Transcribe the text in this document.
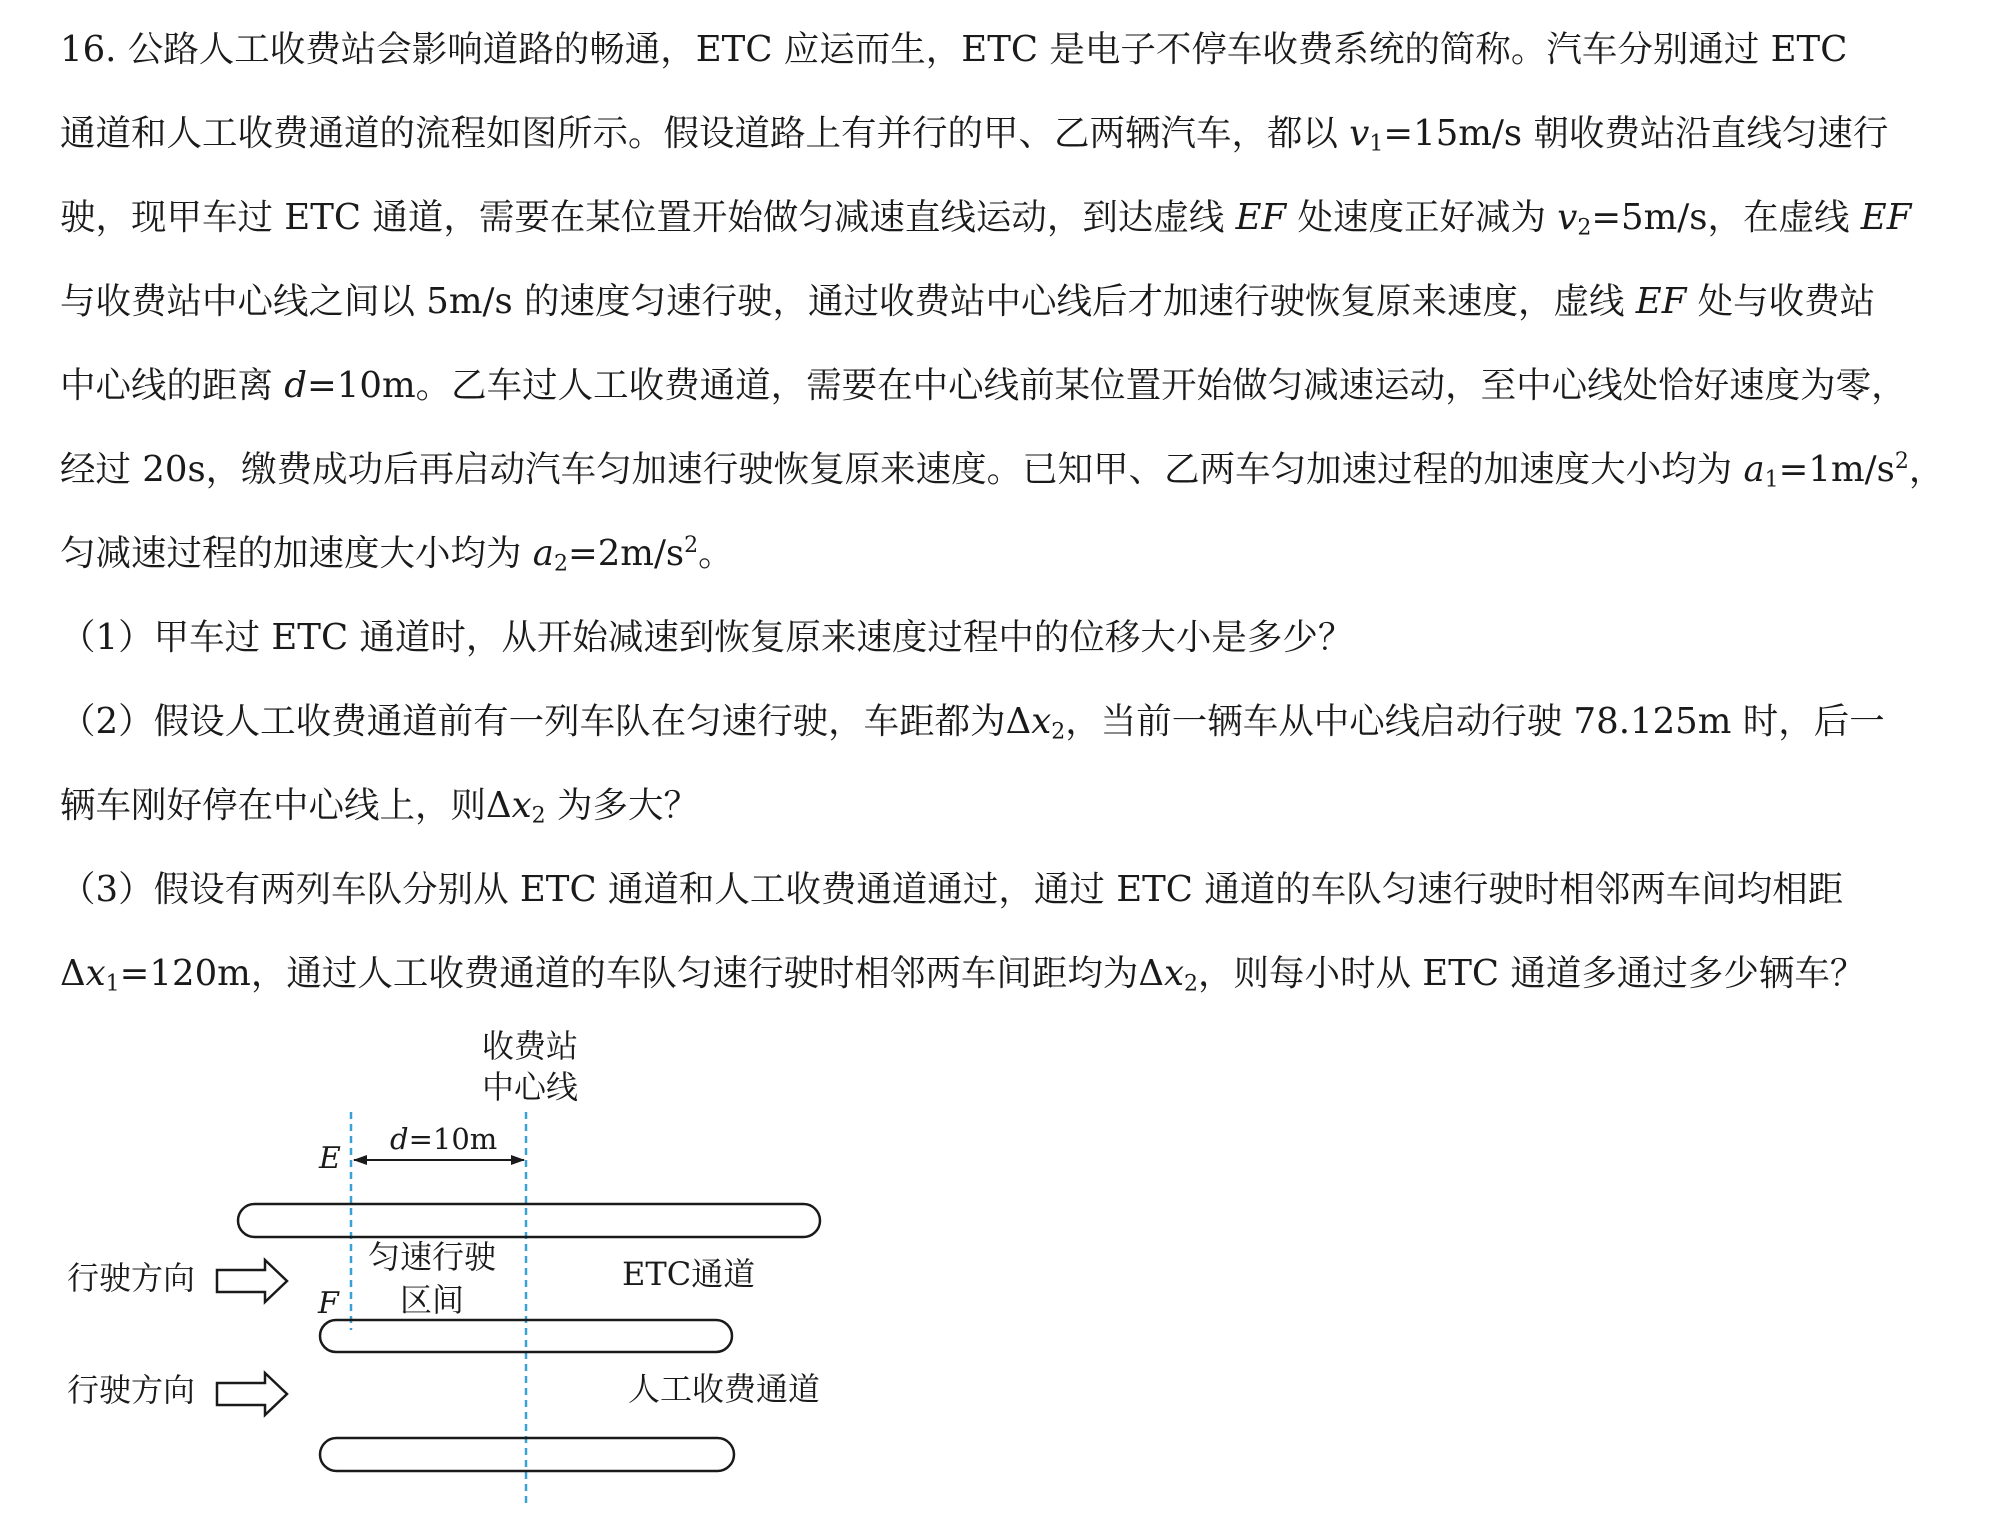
16. 公路人工收费站会影响道路的畅通，ETC 应运而生，ETC 是电子不停车收费系统的简称。汽车分别通过 ETC

通道和人工收费通道的流程如图所示。假设道路上有并行的甲、乙两辆汽车，都以 $v_1=15m/s$ 朝收费站沿直线匀速行

驶，现甲车过 ETC 通道，需要在某位置开始做匀减速直线运动，到达虚线 EF 处速度正好减为 $v_2=5m/s$，在虚线 EF

与收费站中心线之间以 5m/s 的速度匀速行驶，通过收费站中心线后才加速行驶恢复原来速度，虚线 EF 处与收费站

中心线的距离 d=10m。乙车过人工收费通道，需要在中心线前某位置开始做匀减速运动，至中心线处恰好速度为零，

经过 20s，缴费成功后再启动汽车匀加速行驶恢复原来速度。已知甲、乙两车匀加速过程的加速度大小均为 $a_1=1m/s^2$，

匀减速过程的加速度大小均为 $a_2=2m/s^2$。

（1）甲车过 ETC 通道时，从开始减速到恢复原来速度过程中的位移大小是多少？

（2）假设人工收费通道前有一列车队在匀速行驶，车距都为$\Delta x_2$，当前一辆车从中心线启动行驶 78.125m 时，后一

辆车刚好停在中心线上，则$\Delta x_2$ 为多大？

（3）假设有两列车队分别从 ETC 通道和人工收费通道通过，通过 ETC 通道的车队匀速行驶时相邻两车间均相距

$\Delta x_1=120m$，通过人工收费通道的车队匀速行驶时相邻两车间距均为$\Delta x_2$，则每小时从 ETC 通道多通过多少辆车？

收费站
中心线
E
F
d=10m
匀速行驶
区间
ETC通道
人工收费通道
行驶方向
行驶方向
